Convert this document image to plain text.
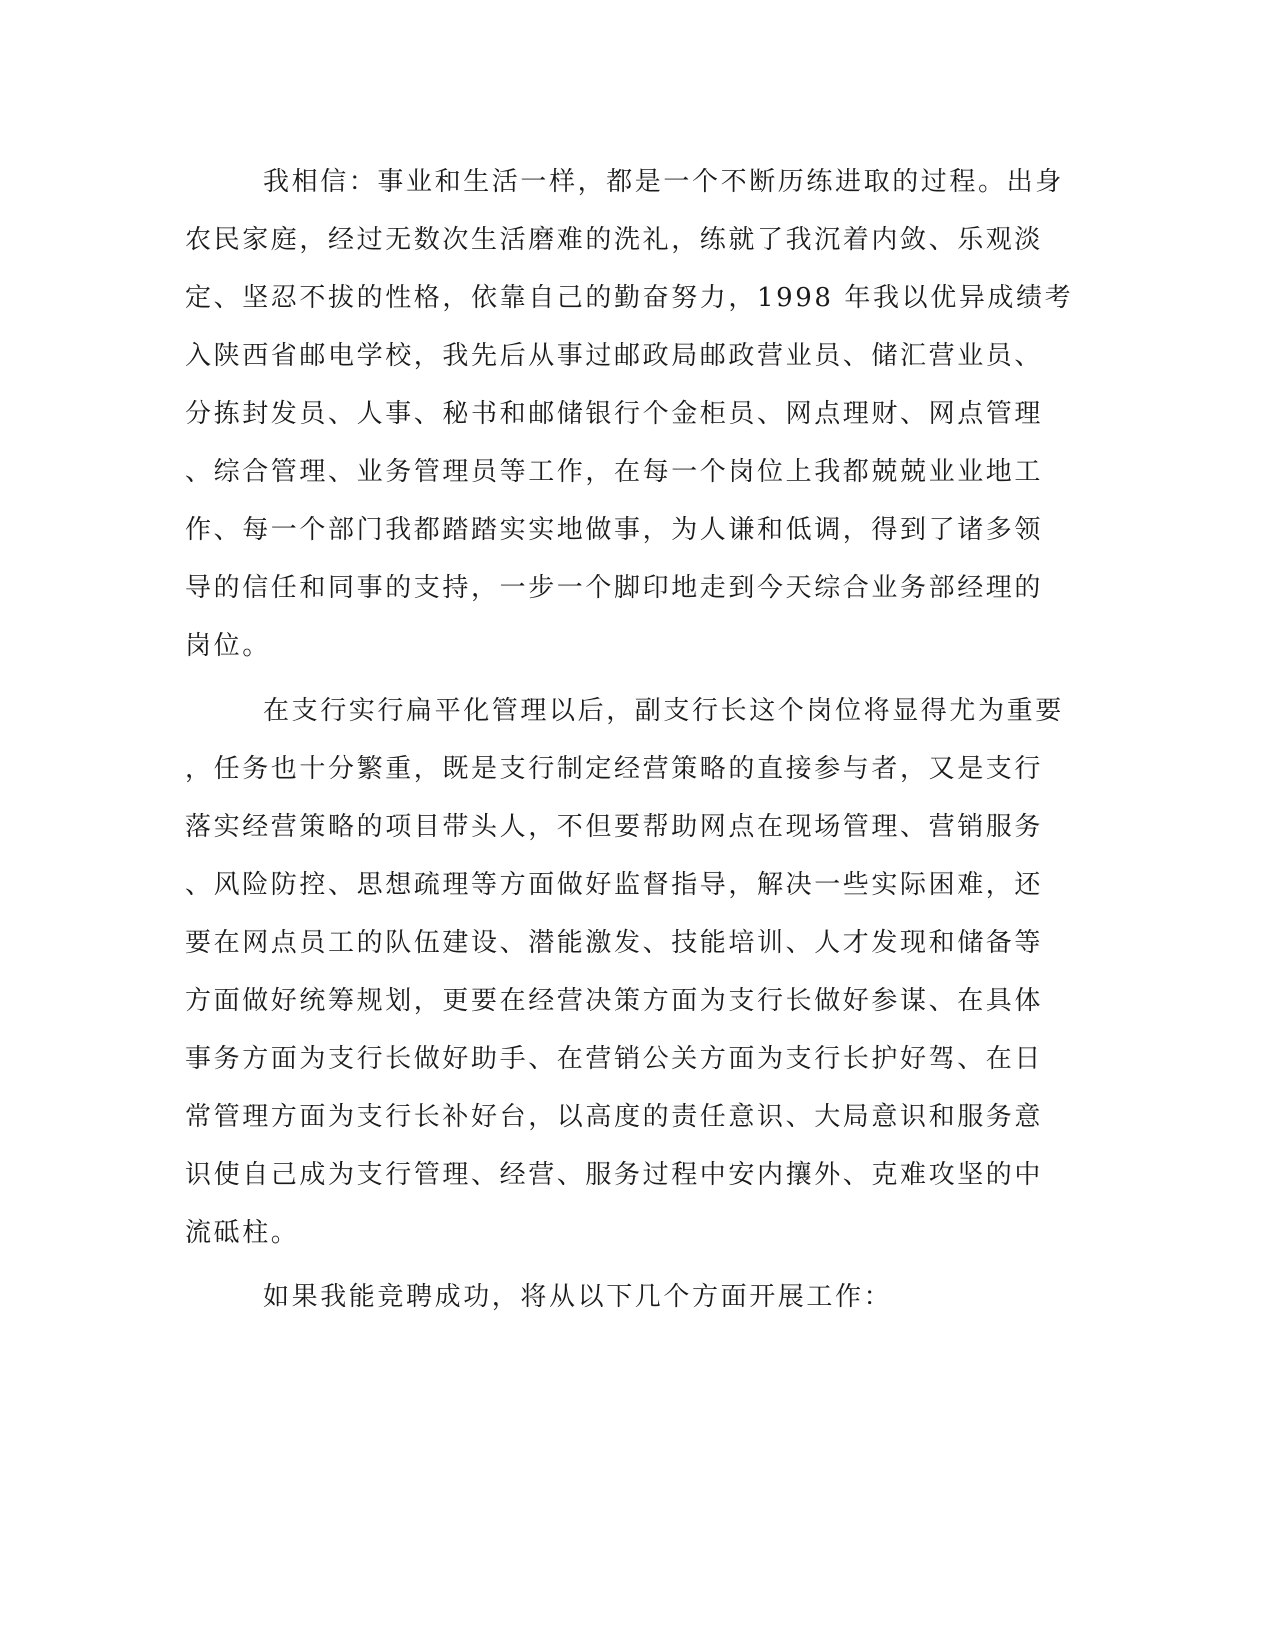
我相信：事业和生活一样，都是一个不断历练进取的过程。出身
农民家庭，经过无数次生活磨难的洗礼，练就了我沉着内敛、乐观淡
定、坚忍不拔的性格，依靠自己的勤奋努力，1998 年我以优异成绩考
入陕西省邮电学校，我先后从事过邮政局邮政营业员、储汇营业员、
分拣封发员、人事、秘书和邮储银行个金柜员、网点理财、网点管理
、综合管理、业务管理员等工作，在每一个岗位上我都兢兢业业地工
作、每一个部门我都踏踏实实地做事，为人谦和低调，得到了诸多领
导的信任和同事的支持，一步一个脚印地走到今天综合业务部经理的
岗位。
在支行实行扁平化管理以后，副支行长这个岗位将显得尤为重要
，任务也十分繁重，既是支行制定经营策略的直接参与者，又是支行
落实经营策略的项目带头人，不但要帮助网点在现场管理、营销服务
、风险防控、思想疏理等方面做好监督指导，解决一些实际困难，还
要在网点员工的队伍建设、潜能激发、技能培训、人才发现和储备等
方面做好统筹规划，更要在经营决策方面为支行长做好参谋、在具体
事务方面为支行长做好助手、在营销公关方面为支行长护好驾、在日
常管理方面为支行长补好台，以高度的责任意识、大局意识和服务意
识使自己成为支行管理、经营、服务过程中安内攘外、克难攻坚的中
流砥柱。
如果我能竞聘成功，将从以下几个方面开展工作：
